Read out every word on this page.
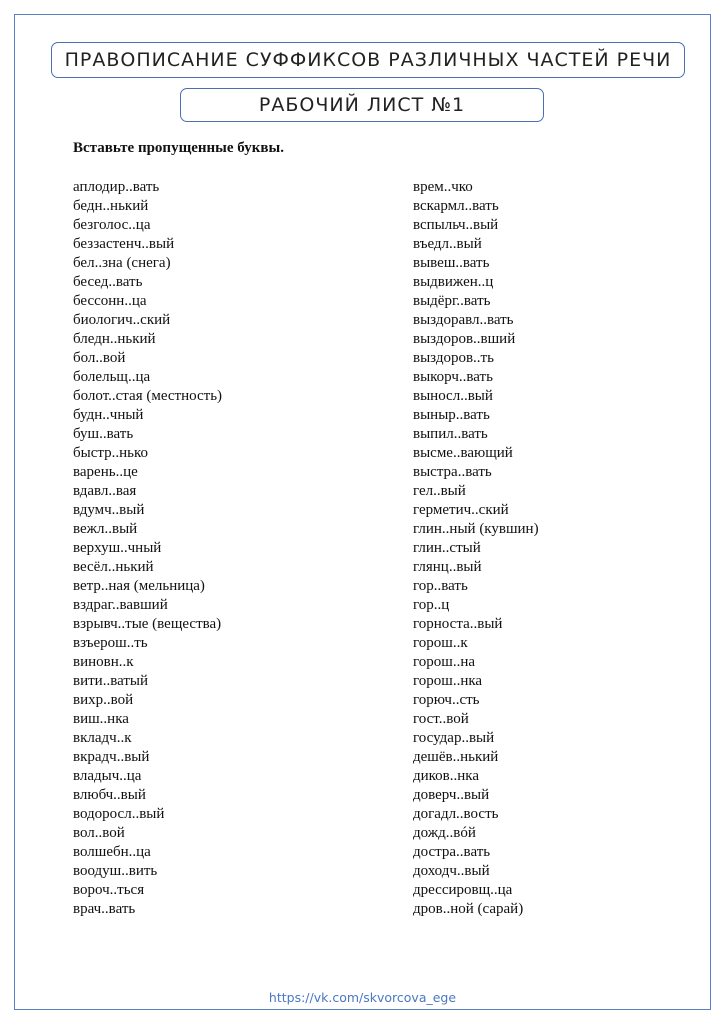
ПРАВОПИСАНИЕ СУФФИКСОВ РАЗЛИЧНЫХ ЧАСТЕЙ РЕЧИ
РАБОЧИЙ ЛИСТ №1
Вставьте пропущенные буквы.
аплодир..вать
бедн..нький
безголос..ца
беззастенч..вый
бел..зна (снега)
бесед..вать
бессонн..ца
биологич..ский
бледн..нький
бол..вой
болельщ..ца
болот..стая (местность)
будн..чный
буш..вать
быстр..нько
варень..це
вдавл..вая
вдумч..вый
вежл..вый
верхуш..чный
весёл..нький
ветр..ная (мельница)
вздраг..вавший
взрывч..тые (вещества)
взъерош..ть
виновн..к
вити..ватый
вихр..вой
виш..нка
вкладч..к
вкрадч..вый
владыч..ца
влюбч..вый
водоросл..вый
вол..вой
волшебн..ца
воодуш..вить
вороч..ться
врач..вать
врем..чко
вскармл..вать
вспыльч..вый
въедл..вый
вывеш..вать
выдвижен..ц
выдёрг..вать
выздоравл..вать
выздоров..вший
выздоров..ть
выкорч..вать
выносл..вый
выныр..вать
выпил..вать
высме..вающий
выстра..вать
гел..вый
герметич..ский
глин..ный (кувшин)
глин..стый
глянц..вый
гор..вать
гор..ц
горноста..вый
горош..к
горош..на
горош..нка
горюч..сть
гост..вой
государ..вый
дешёв..нький
диков..нка
доверч..вый
догадл..вость
дожд..вóй
достра..вать
доходч..вый
дрессировщ..ца
дров..ной (сарай)
https://vk.com/skvorcova_ege
